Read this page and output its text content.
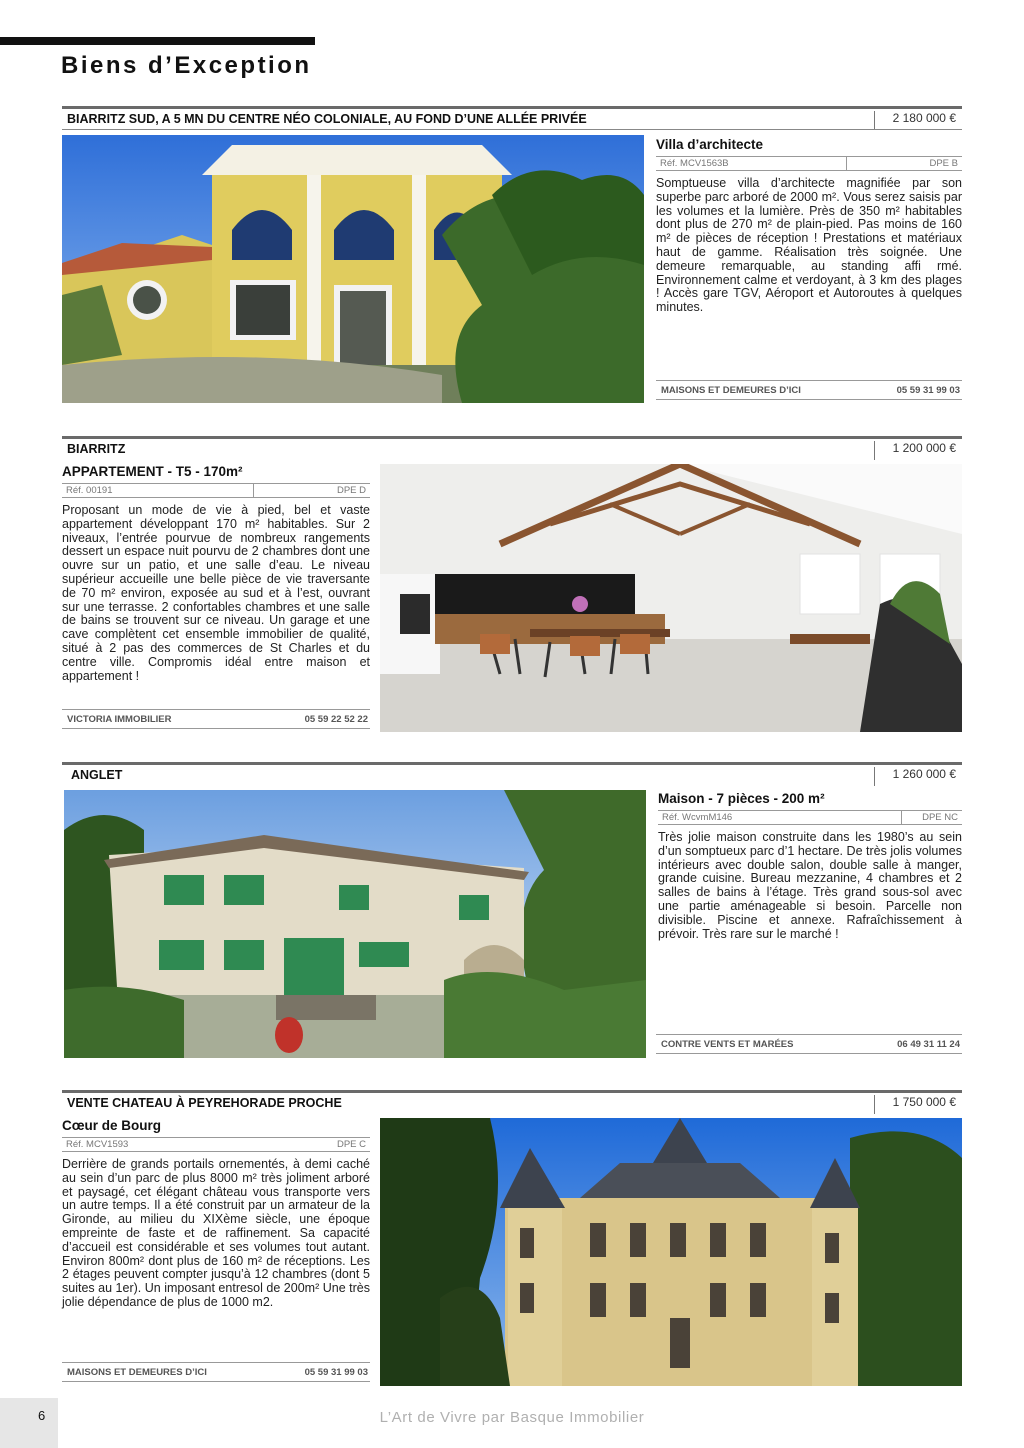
Biens d’Exception
BIARRITZ SUD, A 5 MN DU CENTRE NÉO COLONIALE, AU FOND D’UNE ALLÉE PRIVÉE	2 180 000 €
Villa d’architecte
Réf. MCV1563B	DPE B
Somptueuse villa d’architecte magnifiée par son superbe parc arboré de 2000 m². Vous serez saisis par les volumes et la lumière. Près de 350 m² habitables dont plus de 270 m² de plain-pied. Pas moins de 160 m² de pièces de réception ! Prestations et matériaux haut de gamme. Réalisation très soignée. Une demeure remarquable, au standing affi rmé. Environnement calme et verdoyant, à 3 km des plages ! Accès gare TGV, Aéroport et Autoroutes à quelques minutes.
MAISONS ET DEMEURES D’ICI	05 59 31 99 03
BIARRITZ	1 200 000 €
APPARTEMENT - T5 - 170m²
Réf. 00191	DPE D
Proposant un mode de vie à pied, bel et vaste appartement développant 170 m² habitables. Sur 2 niveaux, l’entrée pourvue de nombreux rangements dessert un espace nuit pourvu de 2 chambres dont une ouvre sur un patio, et une salle d’eau. Le niveau supérieur accueille une belle pièce de vie traversante de 70 m² environ, exposée au sud et à l’est, ouvrant sur une terrasse. 2 confortables chambres et une salle de bains se trouvent sur ce niveau. Un garage et une cave complètent cet ensemble immobilier de qualité, situé à 2 pas des commerces de St Charles et du centre ville. Compromis idéal entre maison et appartement !
VICTORIA IMMOBILIER	05 59 22 52 22
ANGLET	1 260 000 €
Maison - 7 pièces - 200 m²
Réf. WcvmM146	DPE NC
Très jolie maison construite dans les 1980’s au sein d’un somptueux parc d’1 hectare. De très jolis volumes intérieurs avec double salon, double salle à manger, grande cuisine. Bureau mezzanine, 4 chambres et 2 salles de bains à l’étage. Très grand sous-sol avec une partie aménageable si besoin. Parcelle non divisible. Piscine et annexe. Rafraîchissement à prévoir. Très rare sur le marché !
CONTRE VENTS ET MARÉES	06 49 31 11 24
VENTE CHATEAU À PEYREHORADE PROCHE	1 750 000 €
Cœur de Bourg
Réf. MCV1593	DPE C
Derrière de grands portails ornementés, à demi caché au sein d’un parc de plus 8000 m² très joliment arboré et paysagé, cet élégant château vous transporte vers un autre temps. Il a été construit par un armateur de la Gironde, au milieu du XIXème siècle, une époque empreinte de faste et de raffinement. Sa capacité d’accueil est considérable et ses volumes tout autant. Environ 800m² dont plus de 160 m² de réceptions. Les 2 étages peuvent compter jusqu’à 12 chambres (dont 5 suites au 1er). Un imposant entresol de 200m² Une très jolie dépendance de plus de 1000 m2.
MAISONS ET DEMEURES D’ICI	05 59 31 99 03
6	L’Art de Vivre par Basque Immobilier
